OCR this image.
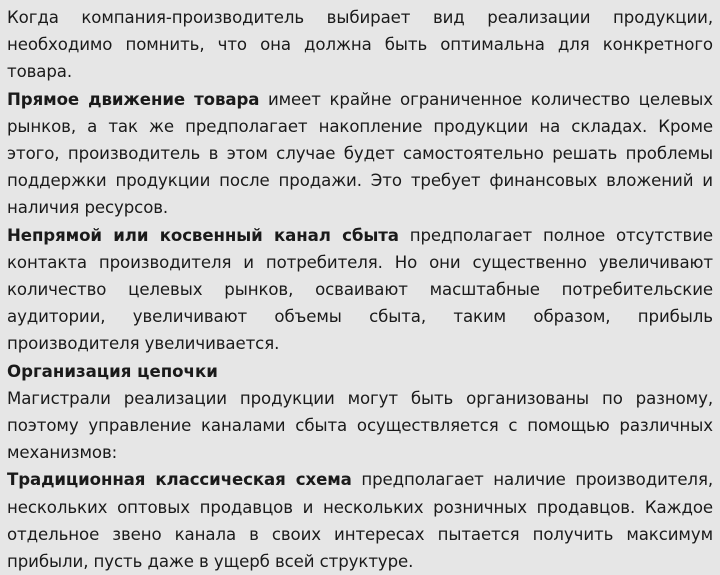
Когда компания-производитель выбирает вид реализации продукции, необходимо помнить, что она должна быть оптимальна для конкретного товара.

Прямое движение товара имеет крайне ограниченное количество целевых рынков, а так же предполагает накопление продукции на складах. Кроме этого, производитель в этом случае будет самостоятельно решать проблемы поддержки продукции после продажи. Это требует финансовых вложений и наличия ресурсов.

Непрямой или косвенный канал сбыта предполагает полное отсутствие контакта производителя и потребителя. Но они существенно увеличивают количество целевых рынков, осваивают масштабные потребительские аудитории, увеличивают объемы сбыта, таким образом, прибыль производителя увеличивается.

Организация цепочки

Магистрали реализации продукции могут быть организованы по разному, поэтому управление каналами сбыта осуществляется с помощью различных механизмов:

Традиционная классическая схема предполагает наличие производителя, нескольких оптовых продавцов и нескольких розничных продавцов. Каждое отдельное звено канала в своих интересах пытается получить максимум прибыли, пусть даже в ущерб всей структуре.
